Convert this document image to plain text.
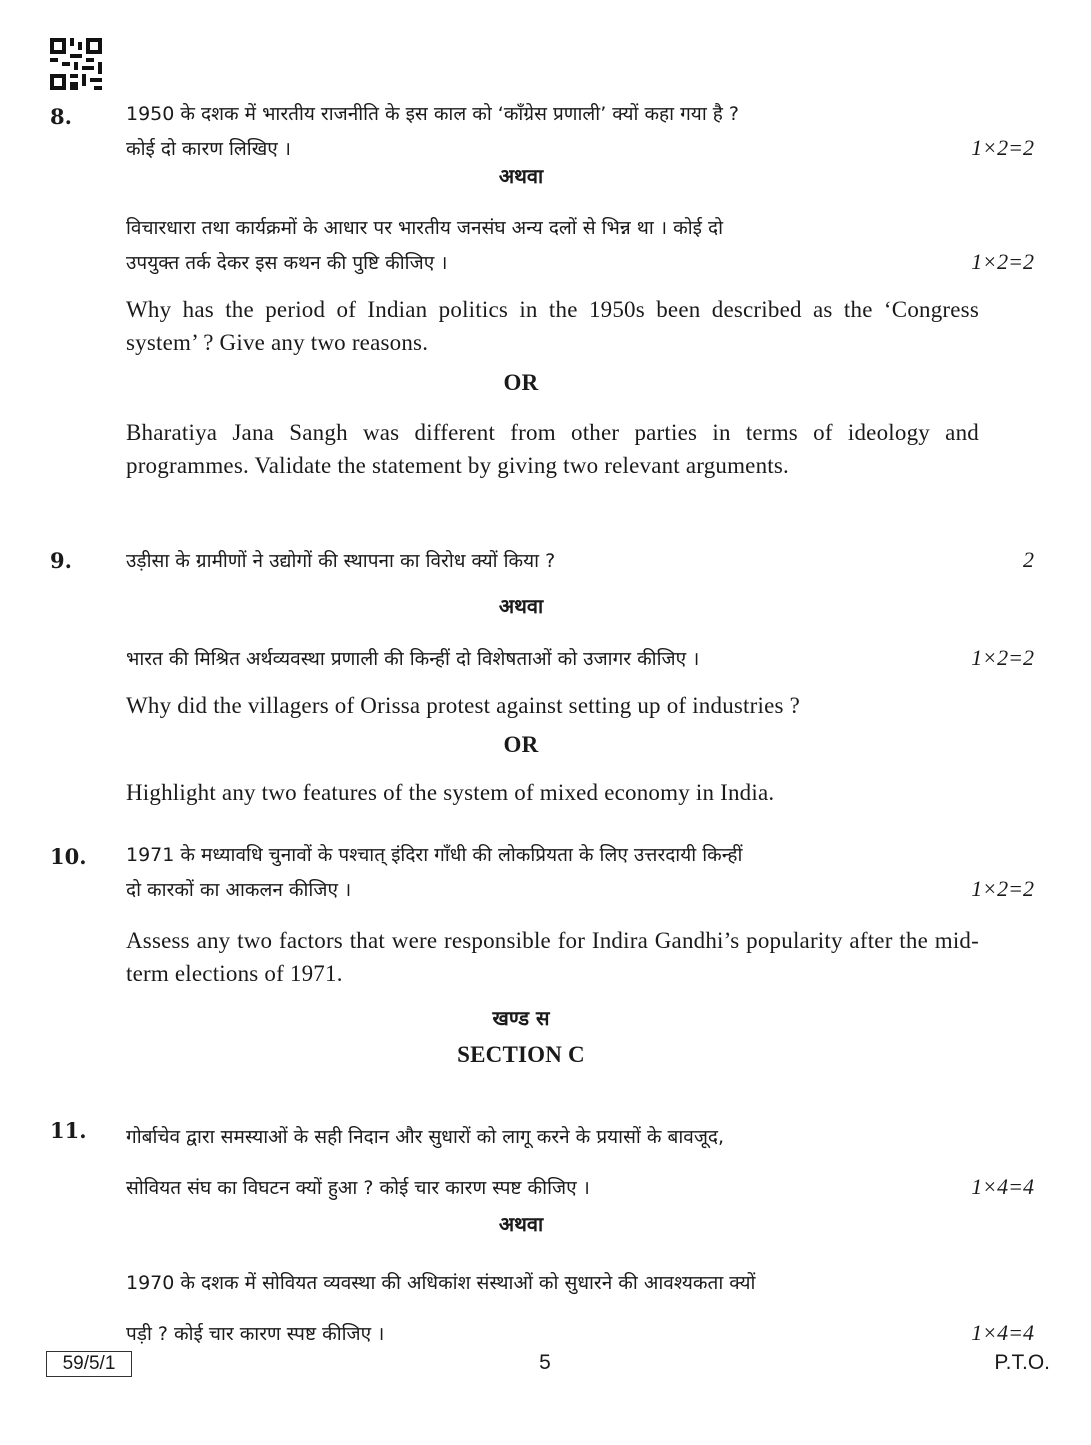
8.	1950 के दशक में भारतीय राजनीति के इस काल को ‘काँग्रेस प्रणाली’ क्यों कहा गया है ?
कोई दो कारण लिखिए ।	1×2=2
अथवा
विचारधारा तथा कार्यक्रमों के आधार पर भारतीय जनसंघ अन्य दलों से भिन्न था । कोई दो
उपयुक्त तर्क देकर इस कथन की पुष्टि कीजिए ।	1×2=2
Why has the period of Indian politics in the 1950s been described as the ‘Congress system’ ? Give any two reasons.
OR
Bharatiya Jana Sangh was different from other parties in terms of ideology and programmes. Validate the statement by giving two relevant arguments.
9.	उड़ीसा के ग्रामीणों ने उद्योगों की स्थापना का विरोध क्यों किया ?	2
अथवा
भारत की मिश्रित अर्थव्यवस्था प्रणाली की किन्हीं दो विशेषताओं को उजागर कीजिए ।	1×2=2
Why did the villagers of Orissa protest against setting up of industries ?
OR
Highlight any two features of the system of mixed economy in India.
10. 1971 के मध्यावधि चुनावों के पश्चात् इंदिरा गाँधी की लोकप्रियता के लिए उत्तरदायी किन्हीं
दो कारकों का आकलन कीजिए ।	1×2=2
Assess any two factors that were responsible for Indira Gandhi’s popularity after the mid-term elections of 1971.
खण्ड स
SECTION C
11. गोर्बाचेव द्वारा समस्याओं के सही निदान और सुधारों को लागू करने के प्रयासों के बावजूद,
सोवियत संघ का विघटन क्यों हुआ ? कोई चार कारण स्पष्ट कीजिए ।	1×4=4
अथवा
1970 के दशक में सोवियत व्यवस्था की अधिकांश संस्थाओं को सुधारने की आवश्यकता क्यों
पड़ी ? कोई चार कारण स्पष्ट कीजिए ।	1×4=4
59/5/1	5	P.T.O.
